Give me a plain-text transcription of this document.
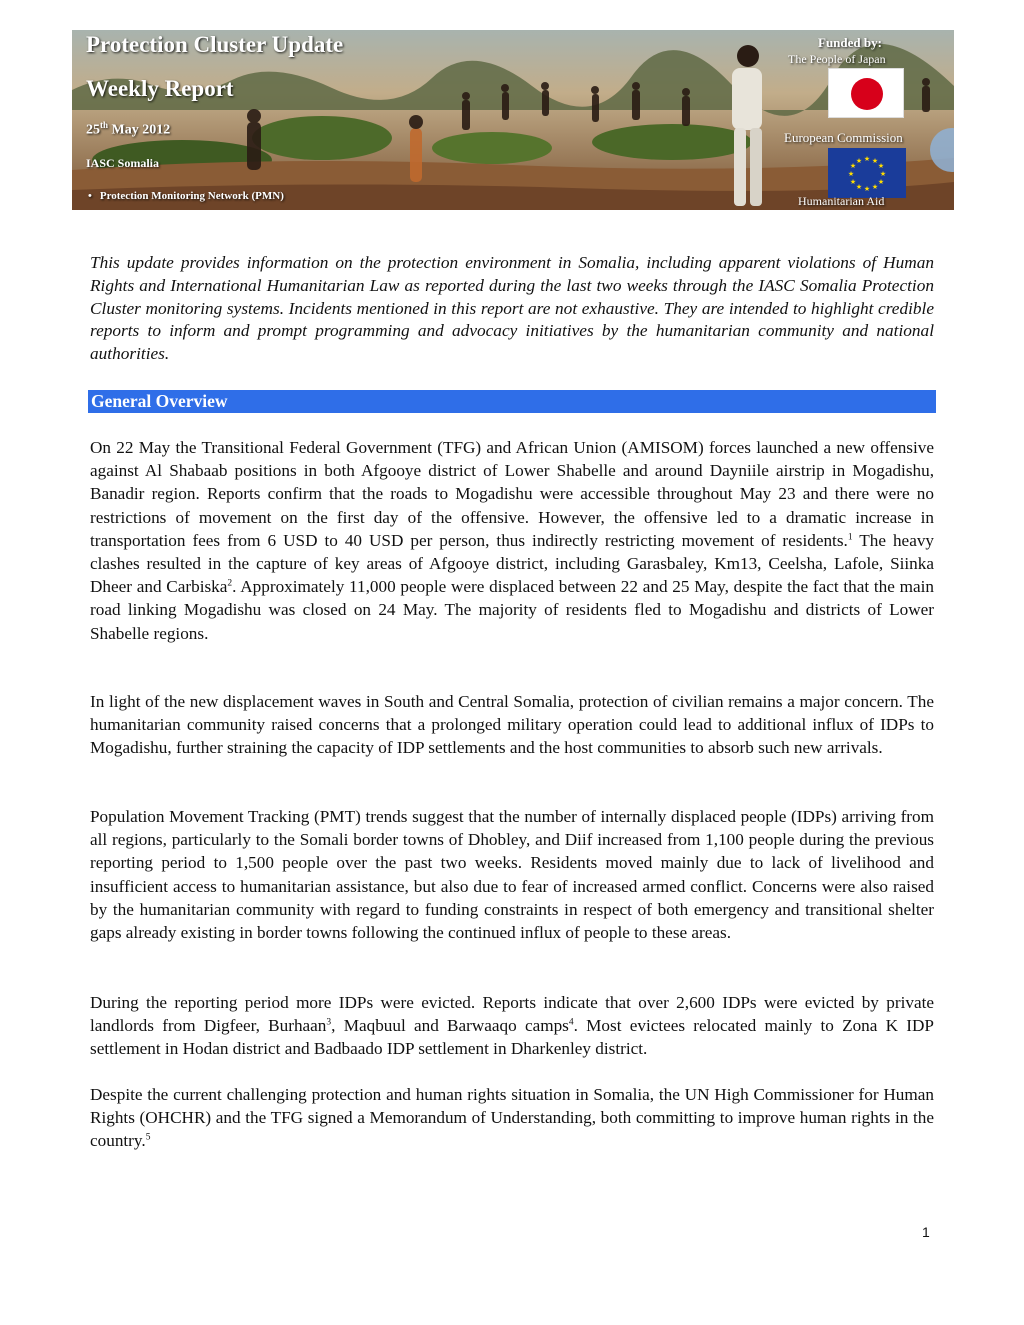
Protection Cluster Update
Weekly Report
25th May 2012
IASC Somalia
• Protection Monitoring Network (PMN)
Funded by:
The People of Japan
European Commission
★ ★
★
★
★
★
★
★
★
★
★
★
Humanitarian Aid

This update provides information on the protection environment in Somalia, including apparent violations of Human Rights and International Humanitarian Law as reported during the last two weeks through the IASC Somalia Protection Cluster monitoring systems. Incidents mentioned in this report are not exhaustive. They are intended to highlight credible reports to inform and prompt programming and advocacy initiatives by the humanitarian community and national authorities.

General Overview

On 22 May the Transitional Federal Government (TFG) and African Union (AMISOM) forces launched a new offensive against Al Shabaab positions in both Afgooye district of Lower Shabelle and around Dayniile airstrip in Mogadishu, Banadir region. Reports confirm that the roads to Mogadishu were accessible throughout May 23 and there were no restrictions of movement on the first day of the offensive. However, the offensive led to a dramatic increase in transportation fees from 6 USD to 40 USD per person, thus indirectly restricting movement of residents.$^1$ The heavy clashes resulted in the capture of key areas of Afgooye district, including Garasbaley, Km13, Ceelsha, Lafole, Siinka Dheer and Carbiska$^2$. Approximately 11,000 people were displaced between 22 and 25 May, despite the fact that the main road linking Mogadishu was closed on 24 May. The majority of residents fled to Mogadishu and districts of Lower Shabelle regions.

In light of the new displacement waves in South and Central Somalia, protection of civilian remains a major concern. The humanitarian community raised concerns that a prolonged military operation could lead to additional influx of IDPs to Mogadishu, further straining the capacity of IDP settlements and the host communities to absorb such new arrivals.

Population Movement Tracking (PMT) trends suggest that the number of internally displaced people (IDPs) arriving from all regions, particularly to the Somali border towns of Dhobley, and Diif increased from 1,100 people during the previous reporting period to 1,500 people over the past two weeks. Residents moved mainly due to lack of livelihood and insufficient access to humanitarian assistance, but also due to fear of increased armed conflict. Concerns were also raised by the humanitarian community with regard to funding constraints in respect of both emergency and transitional shelter gaps already existing in border towns following the continued influx of people to these areas.

During the reporting period more IDPs were evicted. Reports indicate that over 2,600 IDPs were evicted by private landlords from Digfeer, Burhaan$^3$, Maqbuul and Barwaaqo camps$^4$. Most evictees relocated mainly to Zona K IDP settlement in Hodan district and Badbaado IDP settlement in Dharkenley district.

Despite the current challenging protection and human rights situation in Somalia, the UN High Commissioner for Human Rights (OHCHR) and the TFG signed a Memorandum of Understanding, both committing to improve human rights in the country.$^5$

1
